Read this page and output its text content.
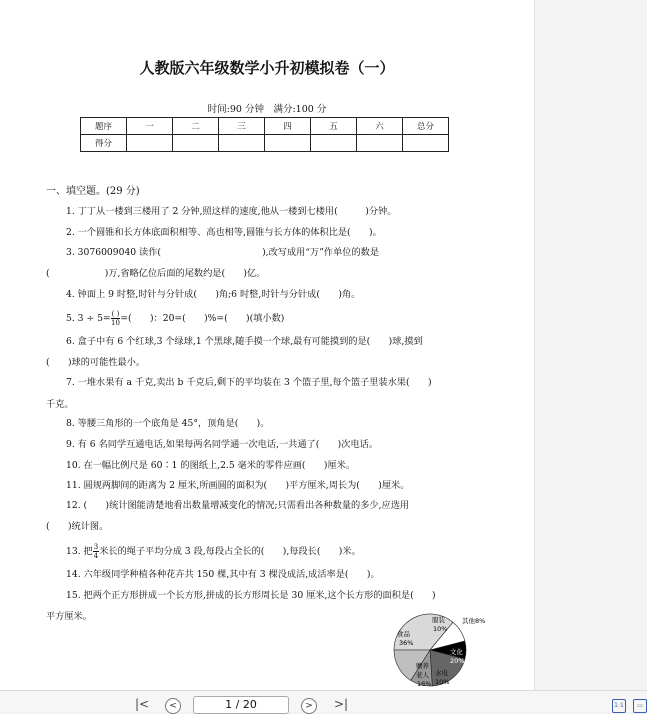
人教版六年级数学小升初模拟卷（一）
时间:90 分钟　满分:100 分
题序	一	二	三	四	五	六	总分
得分							
一、填空题。(29 分)
1. 丁丁从一楼到三楼用了 2 分钟,照这样的速度,他从一楼到七楼用(　　　)分钟。
2. 一个圆锥和长方体底面积相等、高也相等,圆锥与长方体的体积比是(　　)。
3. 3076009040 读作(　　　　　　　　　　　),改写成用“万”作单位的数是
(　　　　　　)万,省略亿位后面的尾数约是(　　)亿。
4. 钟面上 9 时整,时针与分针成(　　)角;6 时整,时针与分针成(　　)角。
5. $3 \div 5= \frac{( )}{10}=$(　　)：20=(　　)%=(　　)(填小数)
6. 盒子中有 6 个红球,3 个绿球,1 个黑球,随手摸一个球,最有可能摸到的是(　　)球,摸到
(　　)球的可能性最小。
7. 一堆水果有 a 千克,卖出 b 千克后,剩下的平均装在 3 个篮子里,每个篮子里装水果(　　)
千克。
8. 等腰三角形的一个底角是 45°，顶角是(　　)。
9. 有 6 名同学互通电话,如果每两名同学通一次电话,一共通了(　　)次电话。
10. 在一幅比例尺是 60∶1 的图纸上,2.5 毫米的零件应画(　　)厘米。
11. 圆规两脚间的距离为 2 厘米,所画圆的面积为(　　)平方厘米,周长为(　　)厘米。
12. (　　)统计图能清楚地看出数量增减变化的情况;只需看出各种数量的多少,应选用
(　　)统计图。
13. 把 $\frac{3}{4}$米长的绳子平均分成 3 段,每段占全长的(　　),每段长(　　)米。
14. 六年级同学种植各种花卉共 150 棵,其中有 3 棵没成活,成活率是(　　)。
15. 把两个正方形拼成一个长方形,拼成的长方形周长是 30 厘米,这个长方形的面积是(　　)
平方厘米。
食品
36%
服装
10%
其他8%
文化
20%
赡养
老人
16%
水电
10%
|<	<	1 / 20	>	>|	1:1	▭
